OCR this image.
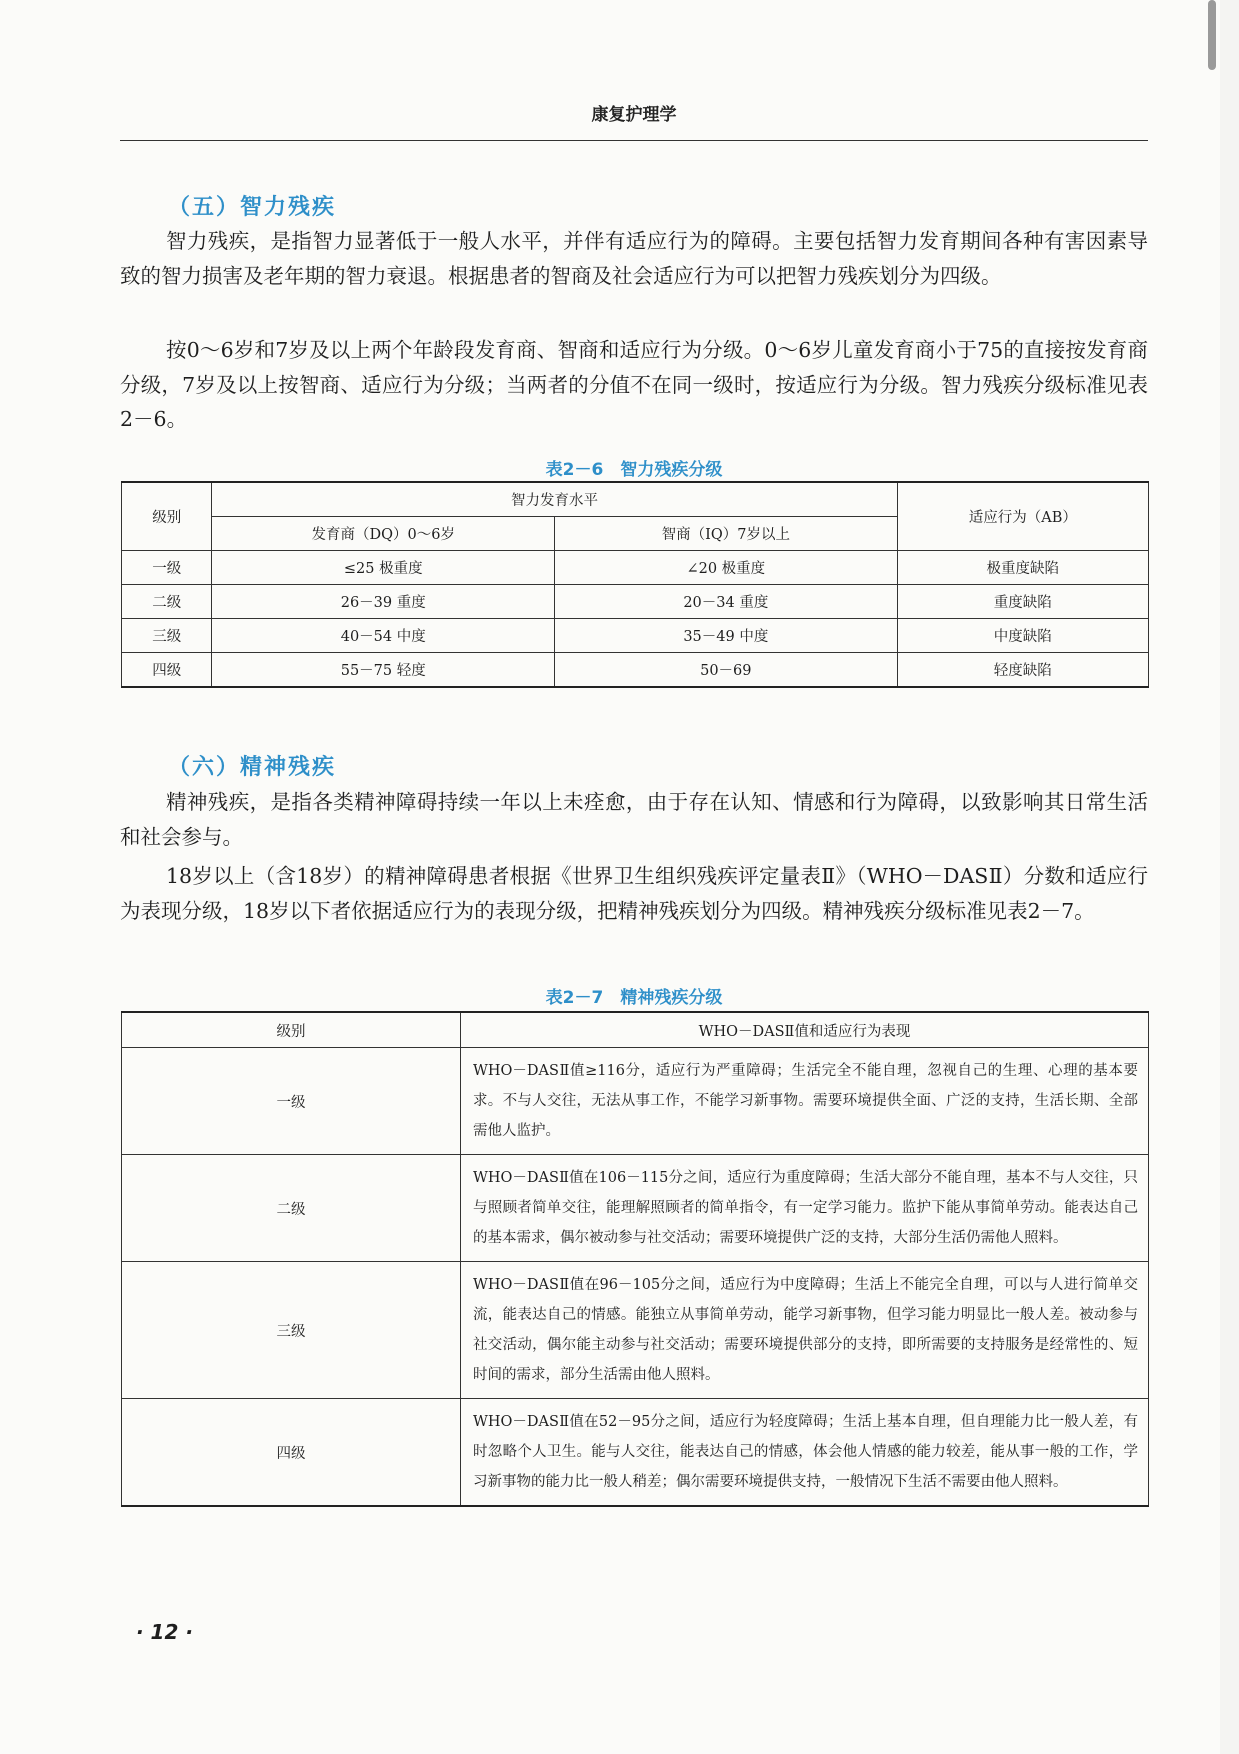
康复护理学
（五）智力残疾

智力残疾，是指智力显著低于一般人水平，并伴有适应行为的障碍。主要包括智力发育期间各种有害因素导致的智力损害及老年期的智力衰退。根据患者的智商及社会适应行为可以把智力残疾划分为四级。

按0～6岁和7岁及以上两个年龄段发育商、智商和适应行为分级。0～6岁儿童发育商小于75的直接按发育商分级，7岁及以上按智商、适应行为分级；当两者的分值不在同一级时，按适应行为分级。智力残疾分级标准见表2－6。

表2－6　智力残疾分级
级别	智力发育水平		适应行为（AB）
	发育商（DQ）0～6岁	智商（IQ）7岁以上	
一级	≤25 极重度	∠20 极重度	极重度缺陷
二级	26－39 重度	20－34 重度	重度缺陷
三级	40－54 中度	35－49 中度	中度缺陷
四级	55－75 轻度	50－69	轻度缺陷
（六）精神残疾

精神残疾，是指各类精神障碍持续一年以上未痊愈，由于存在认知、情感和行为障碍，以致影响其日常生活和社会参与。

18岁以上（含18岁）的精神障碍患者根据《世界卫生组织残疾评定量表Ⅱ》（WHO－DASⅡ）分数和适应行为表现分级，18岁以下者依据适应行为的表现分级，把精神残疾划分为四级。精神残疾分级标准见表2－7。

表2－7　精神残疾分级
级别	WHO－DASⅡ值和适应行为表现
一级	WHO－DASⅡ值≥116分，适应行为严重障碍；生活完全不能自理，忽视自己的生理、心理的基本要求。不与人交往，无法从事工作，不能学习新事物。需要环境提供全面、广泛的支持，生活长期、全部需他人监护。
二级	WHO－DASⅡ值在106－115分之间，适应行为重度障碍；生活大部分不能自理，基本不与人交往，只与照顾者简单交往，能理解照顾者的简单指令，有一定学习能力。监护下能从事简单劳动。能表达自己的基本需求，偶尔被动参与社交活动；需要环境提供广泛的支持，大部分生活仍需他人照料。
三级	WHO－DASⅡ值在96－105分之间，适应行为中度障碍；生活上不能完全自理，可以与人进行简单交流，能表达自己的情感。能独立从事简单劳动，能学习新事物，但学习能力明显比一般人差。被动参与社交活动，偶尔能主动参与社交活动；需要环境提供部分的支持，即所需要的支持服务是经常性的、短时间的需求，部分生活需由他人照料。
四级	WHO－DASⅡ值在52－95分之间，适应行为轻度障碍；生活上基本自理，但自理能力比一般人差，有时忽略个人卫生。能与人交往，能表达自己的情感，体会他人情感的能力较差，能从事一般的工作，学习新事物的能力比一般人稍差；偶尔需要环境提供支持，一般情况下生活不需要由他人照料。
· 12 ·
